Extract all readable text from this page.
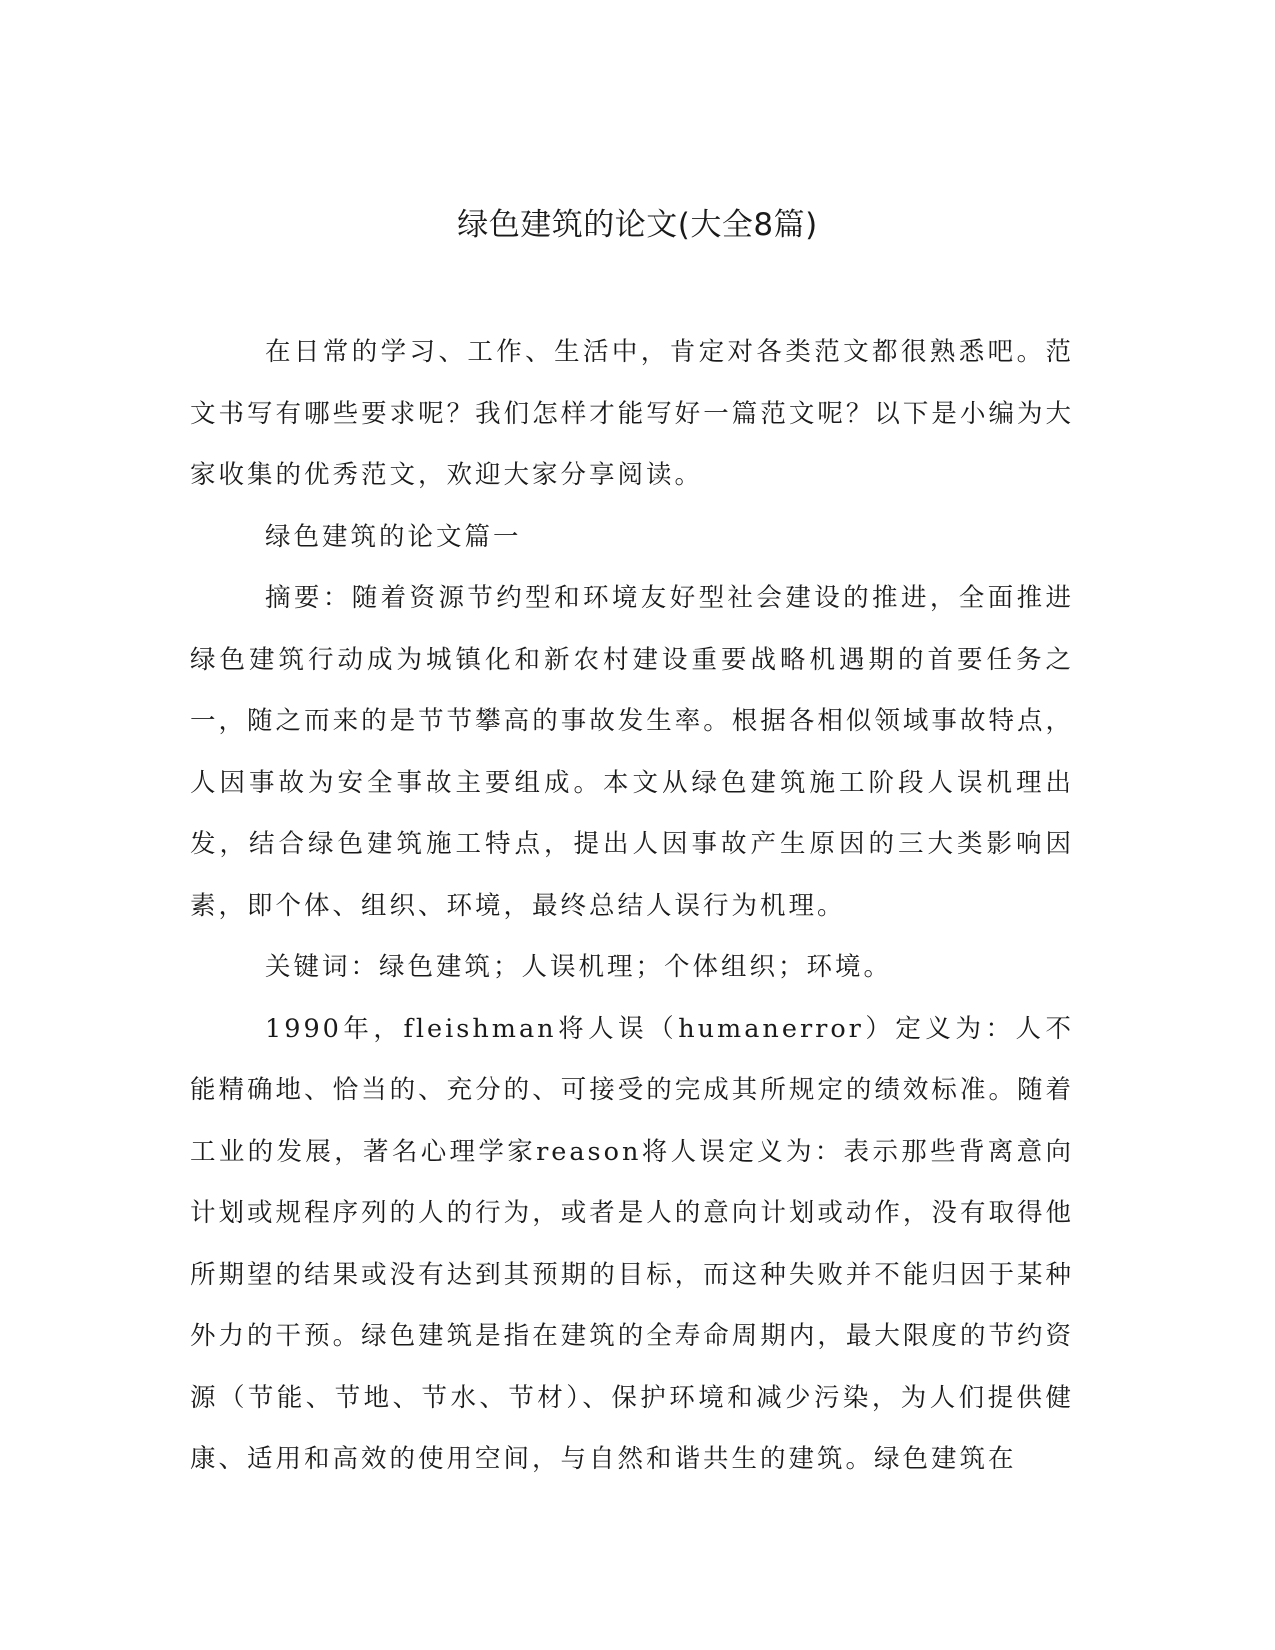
绿色建筑的论文(大全8篇)

在日常的学习、工作、生活中，肯定对各类范文都很熟悉吧。范文书写有哪些要求呢？我们怎样才能写好一篇范文呢？以下是小编为大家收集的优秀范文，欢迎大家分享阅读。

绿色建筑的论文篇一

摘要：随着资源节约型和环境友好型社会建设的推进，全面推进绿色建筑行动成为城镇化和新农村建设重要战略机遇期的首要任务之一，随之而来的是节节攀高的事故发生率。根据各相似领域事故特点，人因事故为安全事故主要组成。本文从绿色建筑施工阶段人误机理出发，结合绿色建筑施工特点，提出人因事故产生原因的三大类影响因素，即个体、组织、环境，最终总结人误行为机理。

关键词：绿色建筑；人误机理；个体组织；环境。

1990年，fleishman将人误（humanerror）定义为：人不能精确地、恰当的、充分的、可接受的完成其所规定的绩效标准。随着工业的发展，著名心理学家reason将人误定义为：表示那些背离意向计划或规程序列的人的行为，或者是人的意向计划或动作，没有取得他所期望的结果或没有达到其预期的目标，而这种失败并不能归因于某种外力的干预。绿色建筑是指在建筑的全寿命周期内，最大限度的节约资源（节能、节地、节水、节材）、保护环境和减少污染，为人们提供健康、适用和高效的使用空间，与自然和谐共生的建筑。绿色建筑在
